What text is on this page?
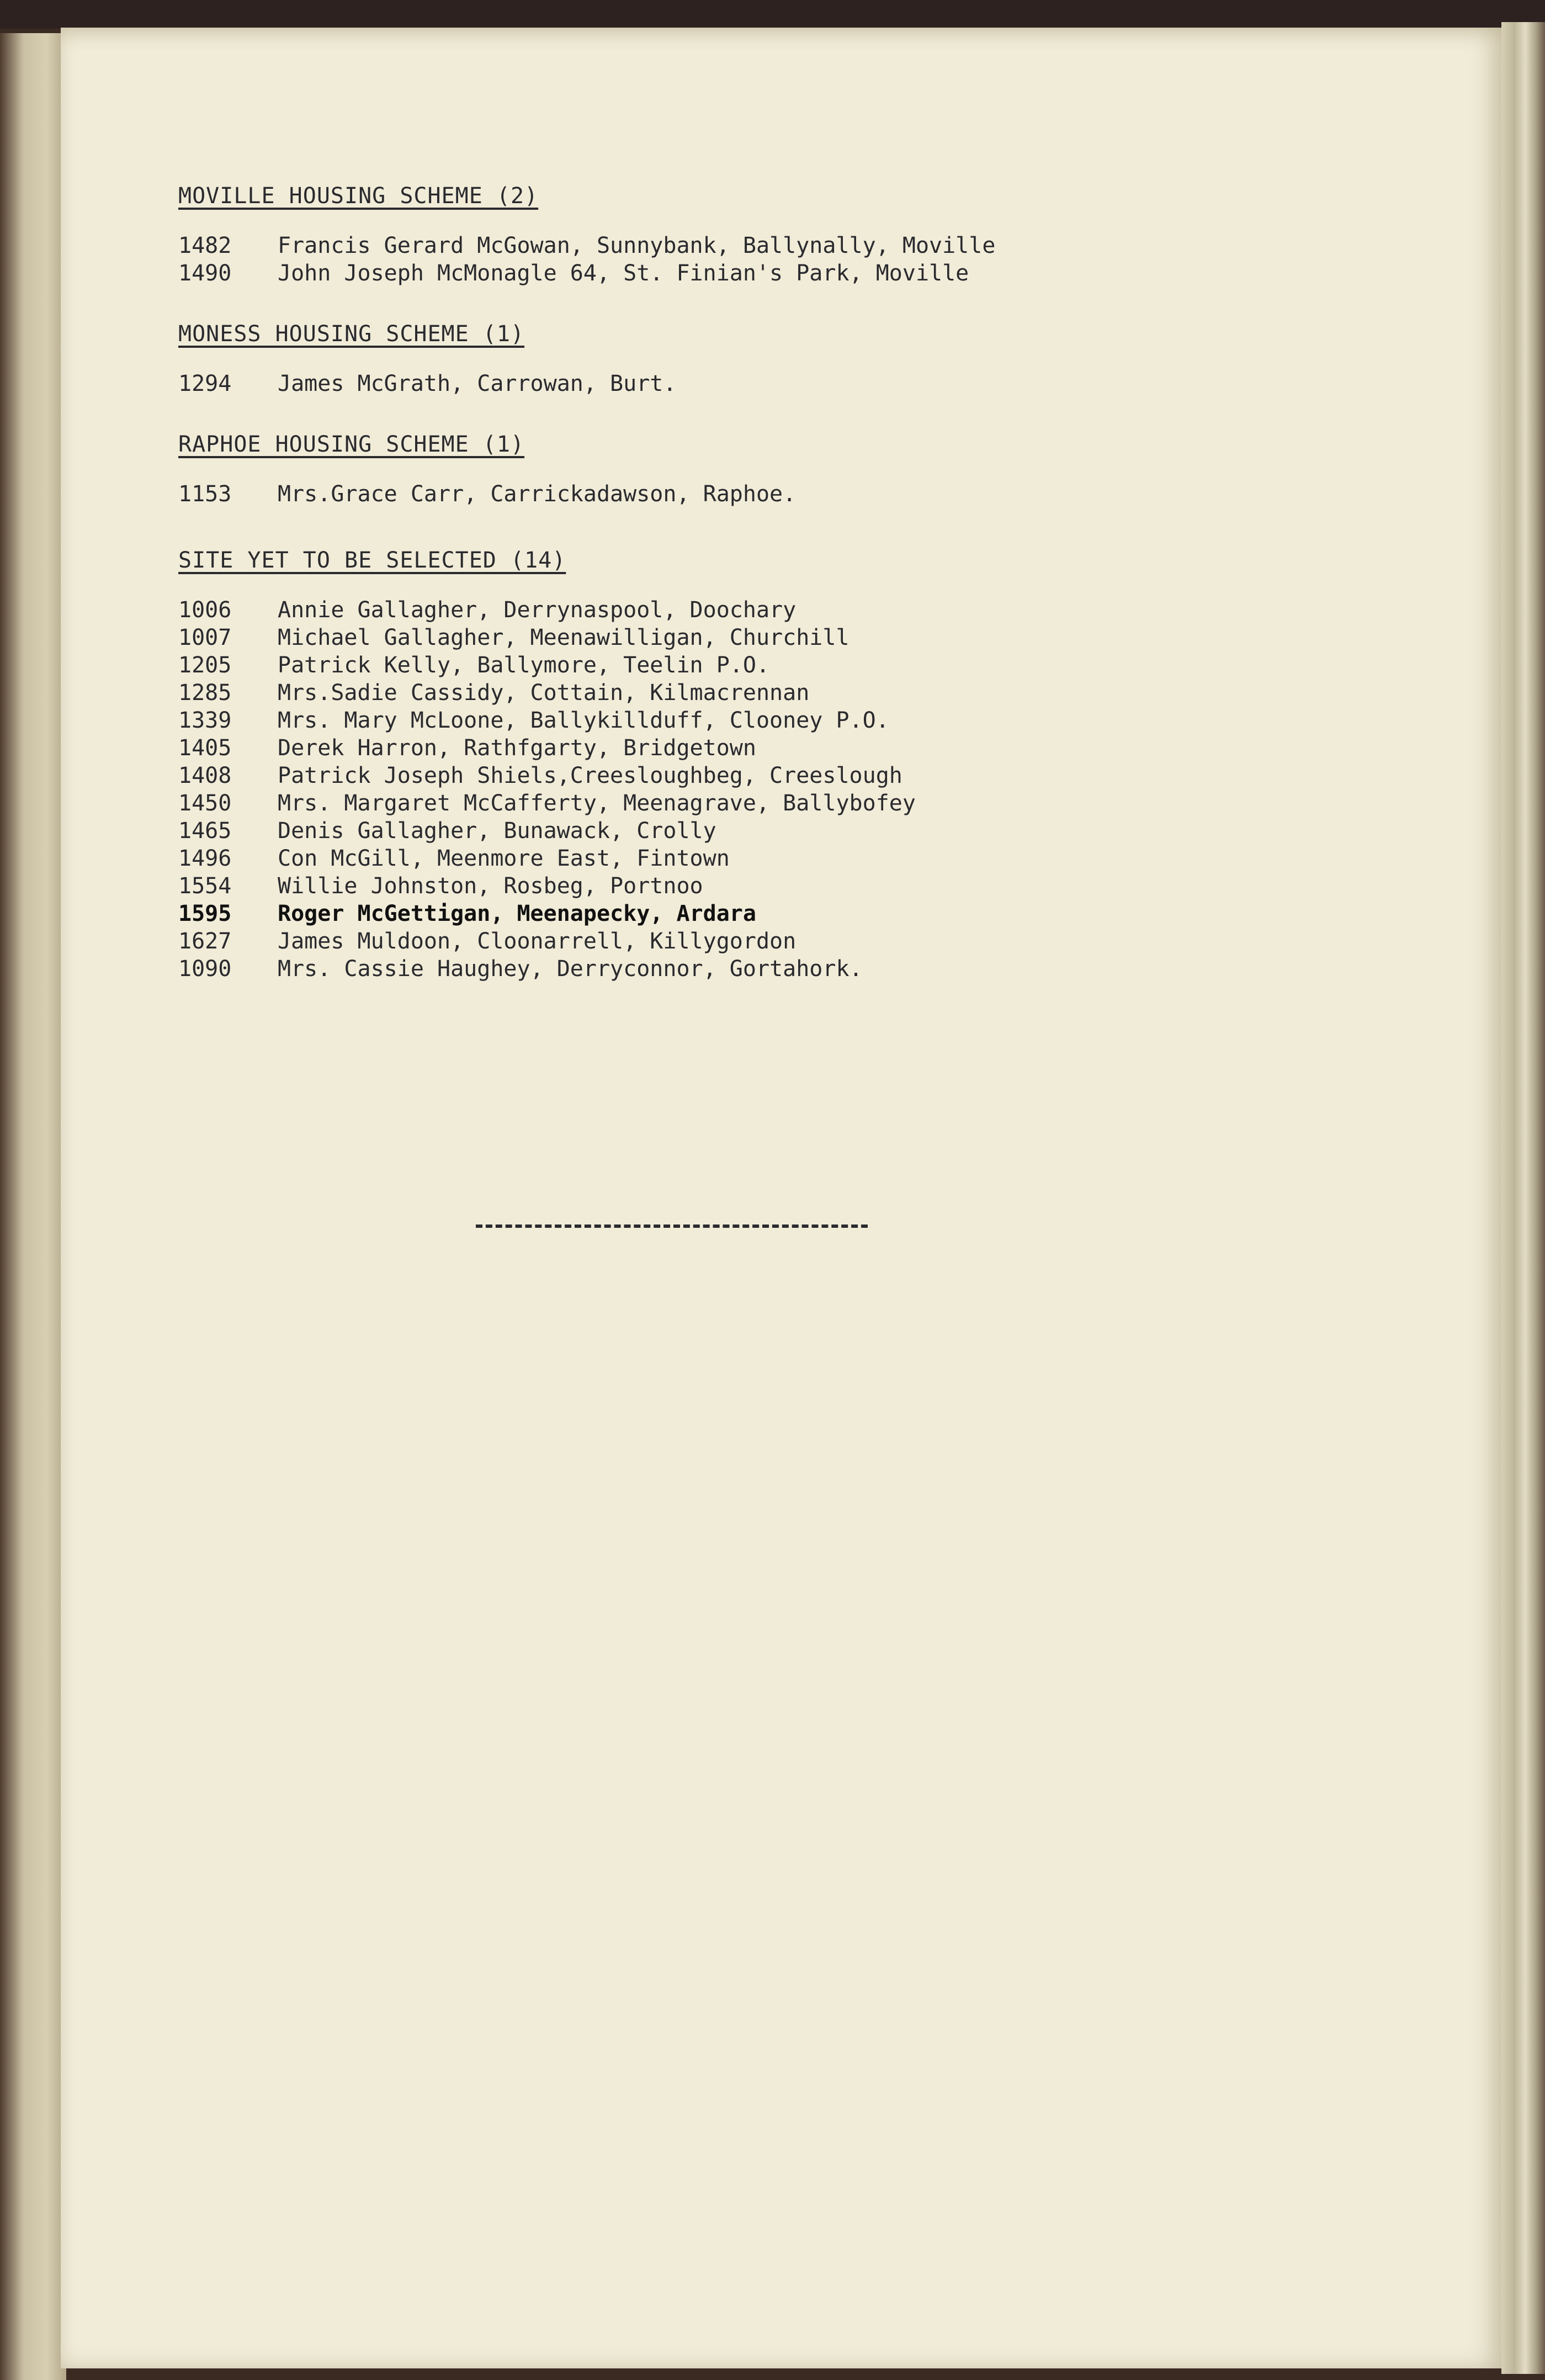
MOVILLE HOUSING SCHEME (2)
1482	Francis Gerard McGowan, Sunnybank, Ballynally, Moville
1490	John Joseph McMonagle 64, St. Finian's Park, Moville
MONESS HOUSING SCHEME (1)
1294	James McGrath, Carrowan, Burt.
RAPHOE HOUSING SCHEME (1)
1153	Mrs.Grace Carr, Carrickadawson, Raphoe.
SITE YET TO BE SELECTED (14)
1006	Annie Gallagher, Derrynaspool, Doochary
1007	Michael Gallagher, Meenawilligan, Churchill
1205	Patrick Kelly, Ballymore, Teelin P.O.
1285	Mrs.Sadie Cassidy, Cottain, Kilmacrennan
1339	Mrs. Mary McLoone, Ballykillduff, Clooney P.O.
1405	Derek Harron, Rathfgarty, Bridgetown
1408	Patrick Joseph Shiels,Creesloughbeg, Creeslough
1450	Mrs. Margaret McCafferty, Meenagrave, Ballybofey
1465	Denis Gallagher, Bunawack, Crolly
1496	Con McGill, Meenmore East, Fintown
1554	Willie Johnston, Rosbeg, Portnoo
1595	Roger McGettigan, Meenapecky, Ardara
1627	James Muldoon, Cloonarrell, Killygordon
1090	Mrs. Cassie Haughey, Derryconnor, Gortahork.
